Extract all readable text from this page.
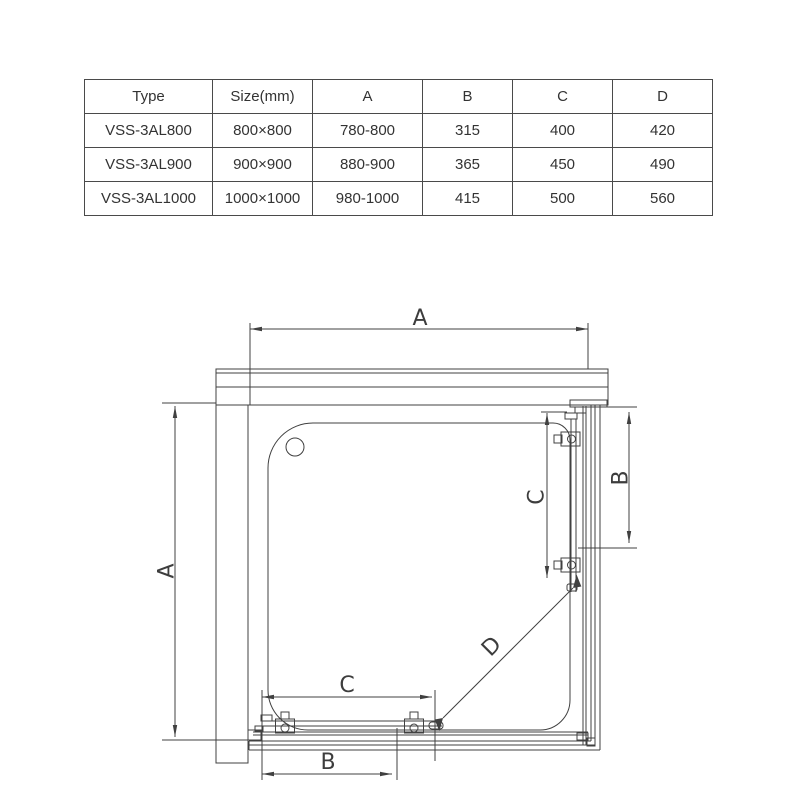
A
A
B
C
C
B
D
Type	Size(mm)	A	B	C	D
VSS-3AL800	800×800	780-800	315	400	420
VSS-3AL900	900×900	880-900	365	450	490
VSS-3AL1000	1000×1000	980-1000	415	500	560
